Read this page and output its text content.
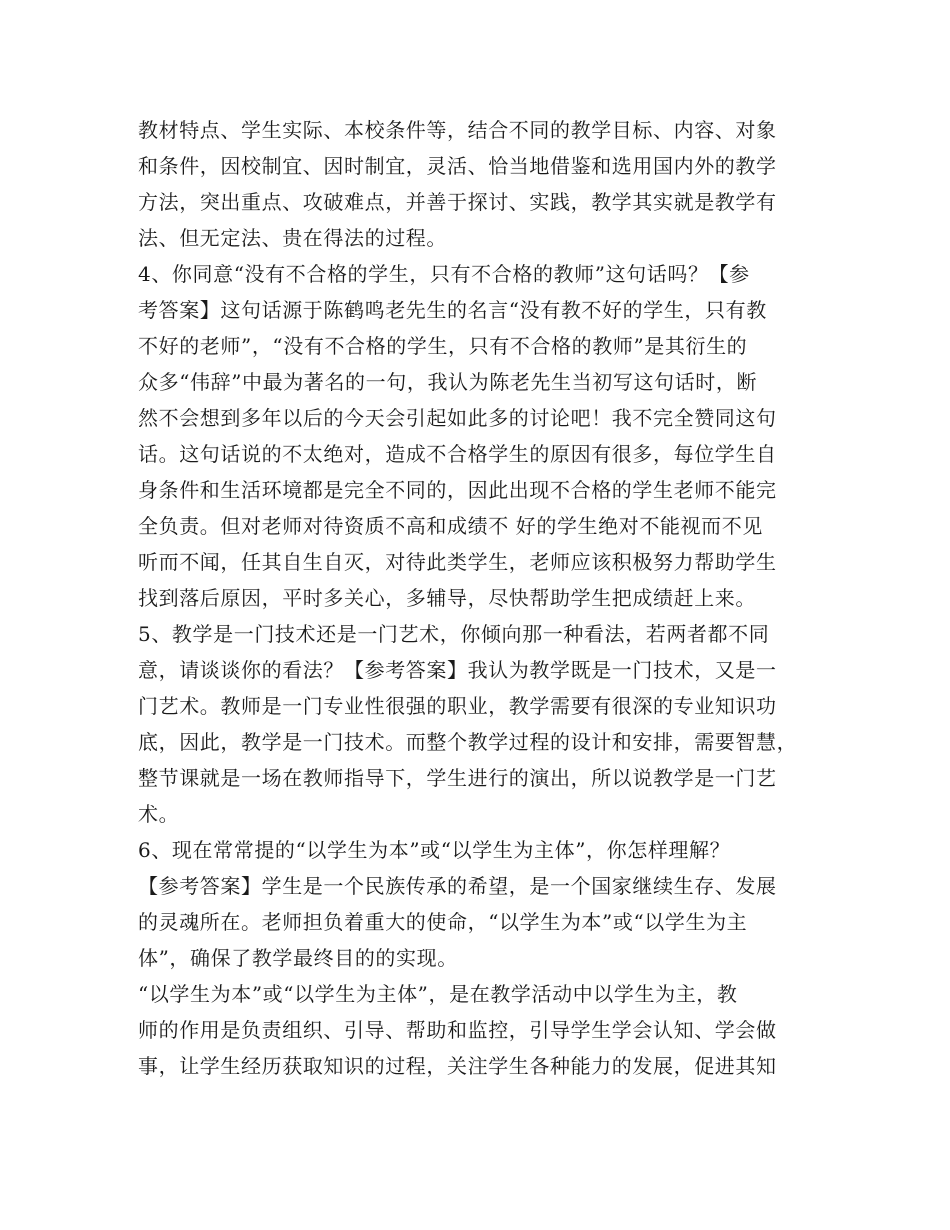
教材特点、学生实际、本校条件等，结合不同的教学目标、内容、对象
和条件，因校制宜、因时制宜，灵活、恰当地借鉴和选用国内外的教学
方法，突出重点、攻破难点，并善于探讨、实践，教学其实就是教学有
法、但无定法、贵在得法的过程。
4、你同意“没有不合格的学生，只有不合格的教师”这句话吗？【参
考答案】这句话源于陈鹤鸣老先生的名言“没有教不好的学生，只有教
不好的老师”，“没有不合格的学生，只有不合格的教师”是其衍生的
众多“伟辞”中最为著名的一句，我认为陈老先生当初写这句话时，断
然不会想到多年以后的今天会引起如此多的讨论吧！我不完全赞同这句
话。这句话说的不太绝对，造成不合格学生的原因有很多，每位学生自
身条件和生活环境都是完全不同的，因此出现不合格的学生老师不能完
全负责。但对老师对待资质不高和成绩不 好的学生绝对不能视而不见
听而不闻，任其自生自灭，对待此类学生，老师应该积极努力帮助学生
找到落后原因，平时多关心，多辅导，尽快帮助学生把成绩赶上来。
5、教学是一门技术还是一门艺术，你倾向那一种看法，若两者都不同
意，请谈谈你的看法？【参考答案】我认为教学既是一门技术，又是一
门艺术。教师是一门专业性很强的职业，教学需要有很深的专业知识功
底，因此，教学是一门技术。而整个教学过程的设计和安排，需要智慧，
整节课就是一场在教师指导下，学生进行的演出，所以说教学是一门艺
术。
6、现在常常提的“以学生为本”或“以学生为主体”，你怎样理解？
【参考答案】学生是一个民族传承的希望，是一个国家继续生存、发展
的灵魂所在。老师担负着重大的使命，“以学生为本”或“以学生为主
体”，确保了教学最终目的的实现。
“以学生为本”或“以学生为主体”，是在教学活动中以学生为主，教
师的作用是负责组织、引导、帮助和监控，引导学生学会认知、学会做
事，让学生经历获取知识的过程，关注学生各种能力的发展，促进其知
